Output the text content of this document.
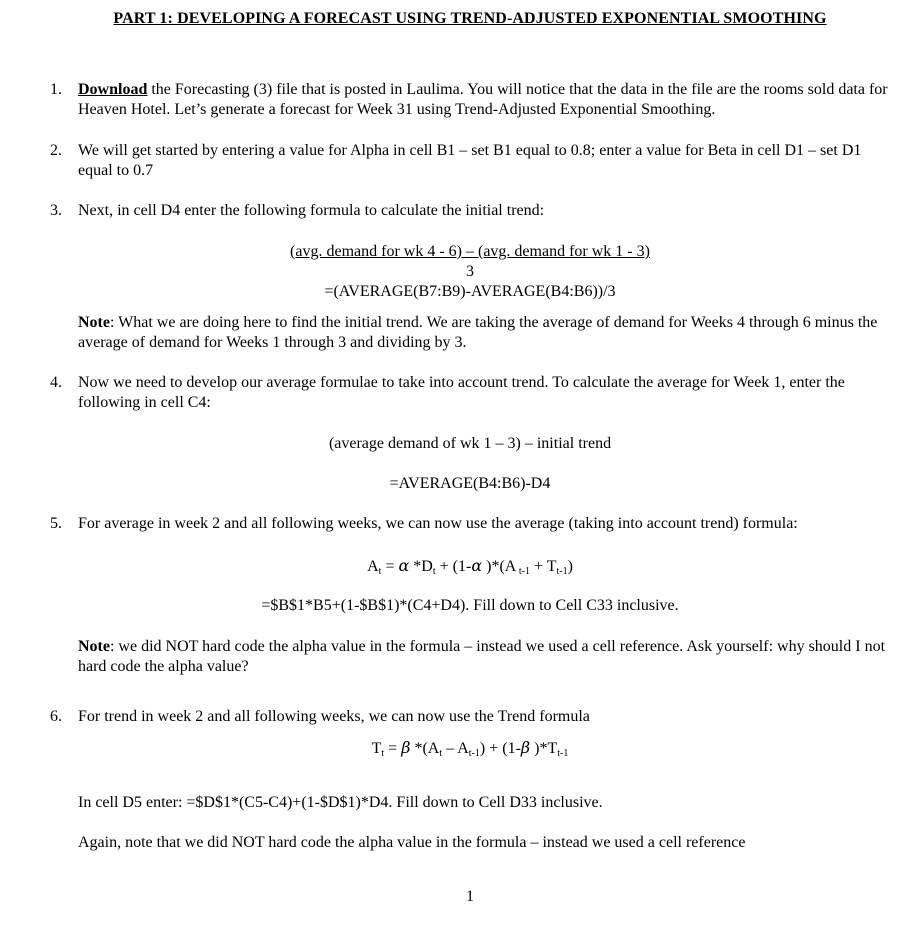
PART 1: DEVELOPING A FORECAST USING TREND-ADJUSTED EXPONENTIAL SMOOTHING
1. Download the Forecasting (3) file that is posted in Laulima. You will notice that the data in the file are the rooms sold data for Heaven Hotel. Let’s generate a forecast for Week 31 using Trend-Adjusted Exponential Smoothing.

2. We will get started by entering a value for Alpha in cell B1 – set B1 equal to 0.8; enter a value for Beta in cell D1 – set D1 equal to 0.7

3. Next, in cell D4 enter the following formula to calculate the initial trend:

(avg. demand for wk 4 - 6) – (avg. demand for wk 1 - 3)
3
=(AVERAGE(B7:B9)-AVERAGE(B4:B6))/3

Note: What we are doing here to find the initial trend. We are taking the average of demand for Weeks 4 through 6 minus the average of demand for Weeks 1 through 3 and dividing by 3.

4. Now we need to develop our average formulae to take into account trend. To calculate the average for Week 1, enter the following in cell C4:

(average demand of wk 1 – 3) – initial trend
=AVERAGE(B4:B6)-D4
5. For average in week 2 and all following weeks, we can now use the average (taking into account trend) formula:

$A_t = \alpha$ $*D_t + (1-\alpha$ )*(A $_{t-1} + T_{t-1}$)
=$B$1*B5+(1-$B$1)*(C4+D4). Fill down to Cell C33 inclusive.

Note: we did NOT hard code the alpha value in the formula – instead we used a cell reference. Ask yourself: why should I not hard code the alpha value?

6. For trend in week 2 and all following weeks, we can now use the Trend formula

$T_t = \beta$ $*(A_t - A_{t-1}) + (1-\beta$ )$*T_{t-1}$
In cell D5 enter: =$D$1*(C5-C4)+(1-$D$1)*D4. Fill down to Cell D33 inclusive.
Again, note that we did NOT hard code the alpha value in the formula – instead we used a cell reference
1
